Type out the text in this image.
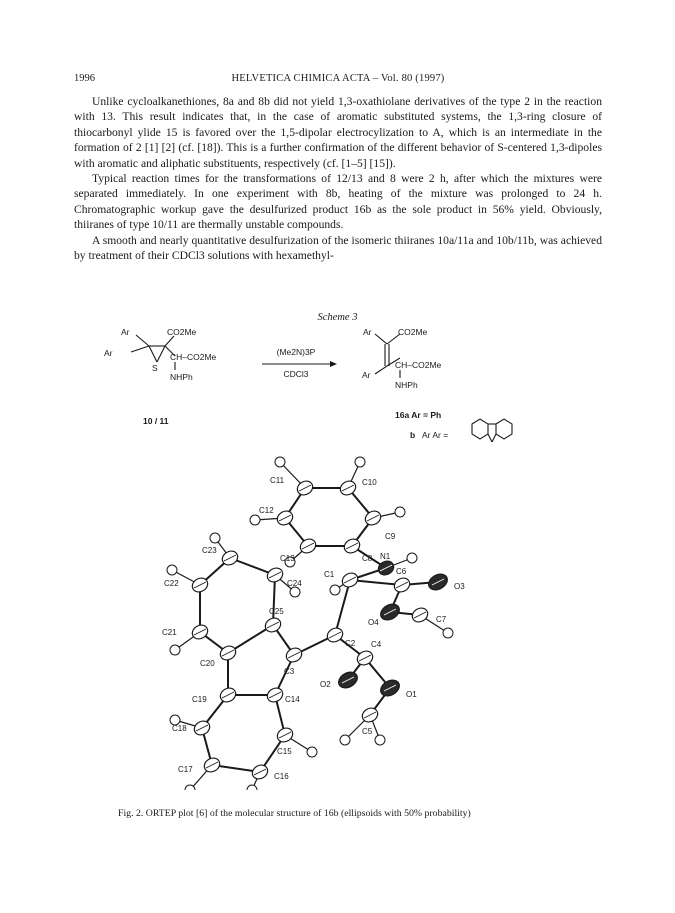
1996	HELVETICA CHIMICA ACTA – Vol. 80 (1997)

Unlike cycloalkanethiones, 8a and 8b did not yield 1,3-oxathiolane derivatives of the type 2 in the reaction with 13. This result indicates that, in the case of aromatic substituted systems, the 1,3-ring closure of thiocarbonyl ylide 15 is favored over the 1,5-dipolar electrocylization to A, which is an intermediate in the formation of 2 [1] [2] (cf. [18]). This is a further confirmation of the different behavior of S-centered 1,3-dipoles with aromatic and aliphatic substituents, respectively (cf. [1–5] [15]).

Typical reaction times for the transformations of 12/13 and 8 were 2 h, after which the mixtures were separated immediately. In one experiment with 8b, heating of the mixture was prolonged to 24 h. Chromatographic workup gave the desulfurized product 16b as the sole product in 56% yield. Obviously, thiiranes of type 10/11 are thermally unstable compounds.

A smooth and nearly quantitative desulfurization of the isomeric thiiranes 10a/11a and 10b/11b, was achieved by treatment of their CDCl3 solutions with hexamethyl-

Scheme 3
Ar
Ar
CO2Me
S
CH–CO2Me
NHPh
(Me2N)3P
CDCl3
Ar
Ar
CO2Me
CH–CO2Me
NHPh
10 / 11
16a Ar = Ph
b Ar Ar =
C11	C10
C9
C12
C13	C8 N1
C23
C24
C1	C6
O3
C25
O4
C22
C7
C21
C2 C4
O2
C20
C3
O1
C19	C14
C5
C18
C15
C17
C16
Fig. 2. ORTEP plot [6] of the molecular structure of 16b (ellipsoids with 50% probability)
